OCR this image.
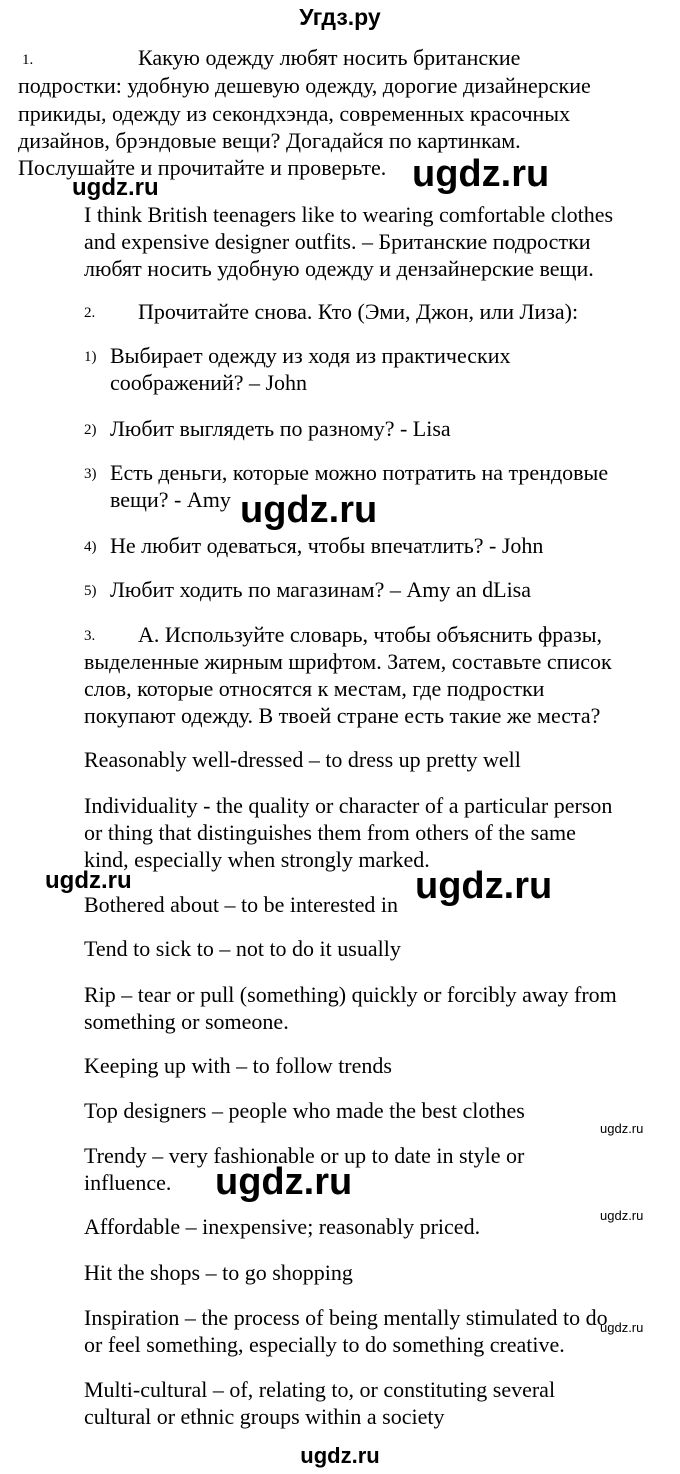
Угдз.ру
1.	Какую одежду любят носить британские
подростки: удобную дешевую одежду, дорогие дизайнерские
прикиды, одежду из секондхэнда, современных красочных
дизайнов, брэндовые вещи? Догадайся по картинкам.
Послушайте и прочитайте и проверьте.
I think British teenagers like to wearing comfortable clothes
and expensive designer outfits. – Британские подростки
любят носить удобную одежду и дензайнерские вещи.
2. Прочитайте снова. Кто (Эми, Джон, или Лиза):
1) Выбирает одежду из ходя из практических
соображений? – John
2) Любит выглядеть по разному? - Lisa
3) Есть деньги, которые можно потратить на трендовые
вещи? - Amy
4) Не любит одеваться, чтобы впечатлить? - John
5) Любит ходить по магазинам? – Amy an dLisa
3. A. Используйте словарь, чтобы объяснить фразы,
выделенные жирным шрифтом. Затем, составьте список
слов, которые относятся к местам, где подростки
покупают одежду. В твоей стране есть такие же места?
Reasonably well-dressed – to dress up pretty well
Individuality - the quality or character of a particular person
or thing that distinguishes them from others of the same
kind, especially when strongly marked.
Bothered about – to be interested in
Tend to sick to – not to do it usually
Rip – tear or pull (something) quickly or forcibly away from
something or someone.
Keeping up with – to follow trends
Top designers – people who made the best clothes
Trendy – very fashionable or up to date in style or
influence.
Affordable – inexpensive; reasonably priced.
Hit the shops – to go shopping
Inspiration – the process of being mentally stimulated to do
or feel something, especially to do something creative.
Multi-cultural – of, relating to, or constituting several
cultural or ethnic groups within a society
ugdz.ru
ugdz.ru
ugdz.ru
ugdz.ru	ugdz.ru
ugdz.ru
ugdz.ru
ugdz.ru
ugdz.ru
ugdz.ru
